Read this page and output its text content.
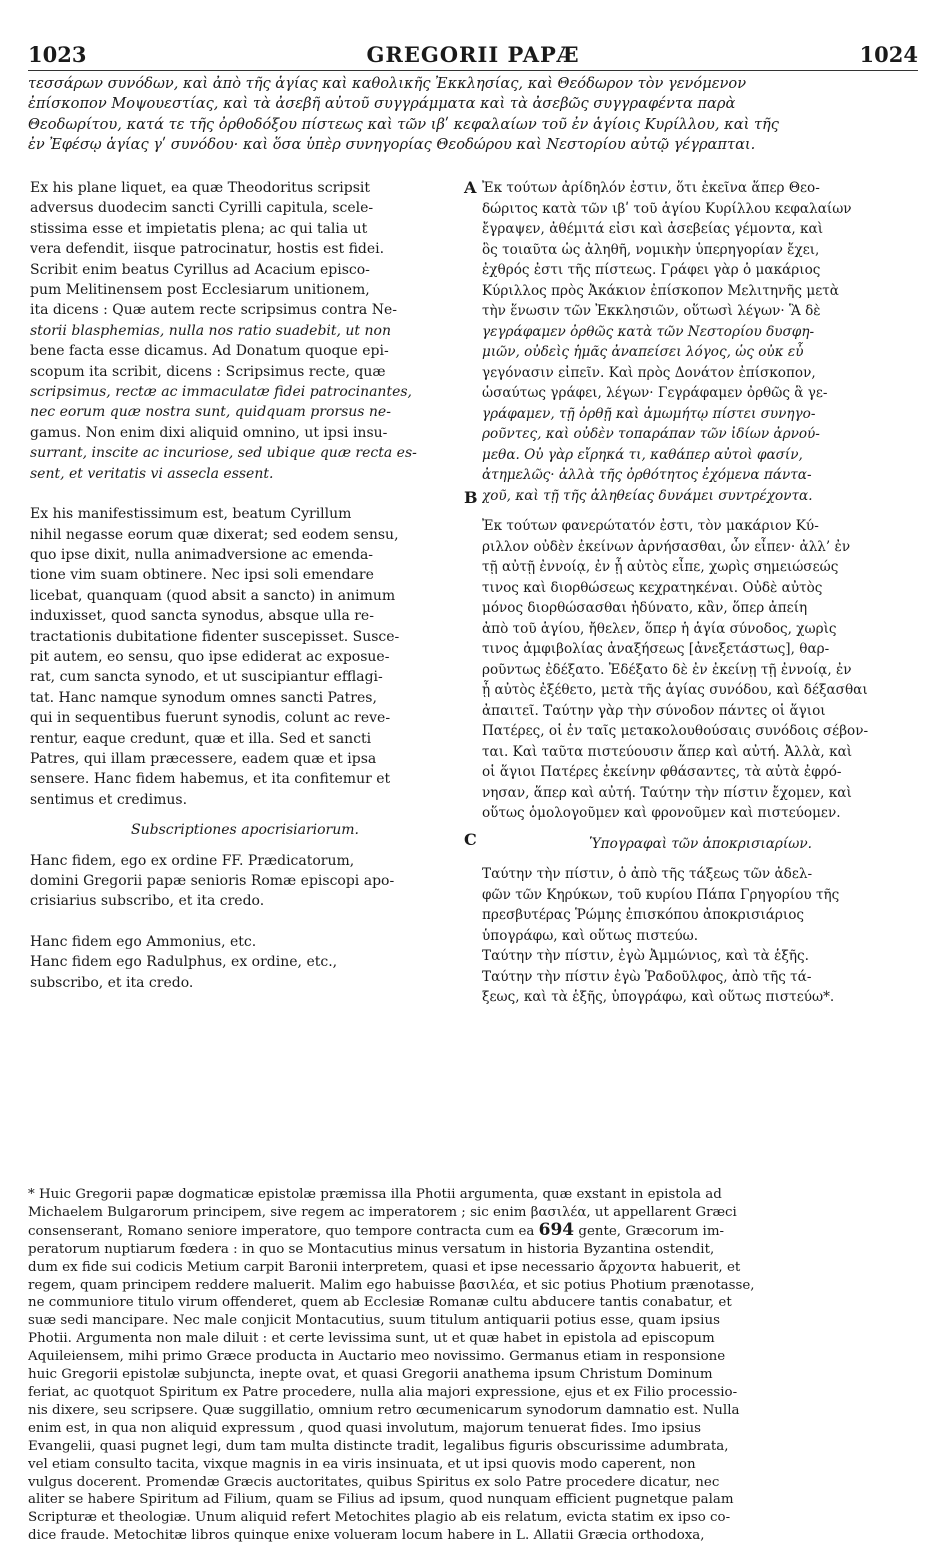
1023	GREGORII PAPÆ	1024
τεσσάρων συνόδων, καὶ ἀπὸ τῆς ἁγίας καὶ καθολικῆς Ἐκκλησίας, καὶ Θεόδωρον τὸν γενόμενον
ἐπίσκοπον Μοψουεστίας, καὶ τὰ ἀσεβῆ αὐτοῦ συγγράμματα καὶ τὰ ἀσεβῶς συγγραφέντα παρὰ
Θεοδωρίτου, κατά τε τῆς ὀρθοδόξου πίστεως καὶ τῶν ιβʹ κεφαλαίων τοῦ ἐν ἁγίοις Κυρίλλου, καὶ τῆς
ἐν Ἐφέσῳ ἁγίας γʹ συνόδου· καὶ ὅσα ὑπὲρ συνηγορίας Θεοδώρου καὶ Νεστορίου αὐτῷ γέγραπται.
Ex his plane liquet, ea quæ Theodoritus scripsit
adversus duodecim sancti Cyrilli capitula, scele-
stissima esse et impietatis plena; ac qui talia ut
vera defendit, iisque patrocinatur, hostis est fidei.
Scribit enim beatus Cyrillus ad Acacium episco-
pum Melitinensem post Ecclesiarum unitionem,
ita dicens : Quæ autem recte scripsimus contra Ne-
storii blasphemias, nulla nos ratio suadebit, ut non
bene facta esse dicamus. Ad Donatum quoque epi-
scopum ita scribit, dicens : Scripsimus recte, quæ
scripsimus, rectæ ac immaculatæ fidei patrocinantes,
nec eorum quæ nostra sunt, quidquam prorsus ne-
gamus. Non enim dixi aliquid omnino, ut ipsi insu-
surrant, inscite ac incuriose, sed ubique quæ recta es-
sent, et veritatis vi assecla essent.
Ex his manifestissimum est, beatum Cyrillum
nihil negasse eorum quæ dixerat; sed eodem sensu,
quo ipse dixit, nulla animadversione ac emenda-
tione vim suam obtinere. Nec ipsi soli emendare
licebat, quanquam (quod absit a sancto) in animum
induxisset, quod sancta synodus, absque ulla re-
tractationis dubitatione fidenter suscepisset. Susce-
pit autem, eo sensu, quo ipse ediderat ac exposue-
rat, cum sancta synodo, et ut suscipiantur efflagi-
tat. Hanc namque synodum omnes sancti Patres,
qui in sequentibus fuerunt synodis, colunt ac reve-
rentur, eaque credunt, quæ et illa. Sed et sancti
Patres, qui illam præcessere, eadem quæ et ipsa
sensere. Hanc fidem habemus, et ita confitemur et
sentimus et credimus.
Subscriptiones apocrisiariorum.
Hanc fidem, ego ex ordine FF. Prædicatorum,
domini Gregorii papæ senioris Romæ episcopi apo-
crisiarius subscribo, et ita credo.
Hanc fidem ego Ammonius, etc.
Hanc fidem ego Radulphus, ex ordine, etc.,
subscribo, et ita credo.
A
B
C
Ἐκ τούτων ἀρίδηλόν ἐστιν, ὅτι ἐκεῖνα ἅπερ Θεο-
δώριτος κατὰ τῶν ιβʹ τοῦ ἁγίου Κυρίλλου κεφαλαίων
ἔγραψεν, ἀθέμιτά εἰσι καὶ ἀσεβείας γέμοντα, καὶ
ὃς τοιαῦτα ὡς ἀληθῆ, νομικὴν ὑπερηγορίαν ἔχει,
ἐχθρός ἐστι τῆς πίστεως. Γράφει γὰρ ὁ μακάριος
Κύριλλος πρὸς Ἀκάκιον ἐπίσκοπον Μελιτηνῆς μετὰ
τὴν ἕνωσιν τῶν Ἐκκλησιῶν, οὕτωσὶ λέγων· Ἃ δὲ
γεγράφαμεν ὀρθῶς κατὰ τῶν Νεστορίου δυσφη-
μιῶν, οὐδεὶς ἡμᾶς ἀναπείσει λόγος, ὡς οὐκ εὖ
γεγόνασιν εἰπεῖν. Καὶ πρὸς Δονάτον ἐπίσκοπον,
ὡσαύτως γράφει, λέγων· Γεγράφαμεν ὀρθῶς ἃ γε-
γράφαμεν, τῇ ὀρθῇ καὶ ἀμωμήτῳ πίστει συνηγο-
ροῦντες, καὶ οὐδὲν τοπαράπαν τῶν ἰδίων ἀρνού-
μεθα. Οὐ γὰρ εἴρηκά τι, καθάπερ αὐτοὶ φασίν,
ἀτημελῶς· ἀλλὰ τῆς ὀρθότητος ἐχόμενα πάντα-
χοῦ, καὶ τῇ τῆς ἀληθείας δυνάμει συντρέχοντα.
Ἐκ τούτων φανερώτατόν ἐστι, τὸν μακάριον Κύ-
ριλλον οὐδὲν ἐκείνων ἀρνήσασθαι, ὧν εἶπεν· ἀλλ’ ἐν
τῇ αὐτῇ ἐννοίᾳ, ἐν ᾗ αὐτὸς εἶπε, χωρὶς σημειώσεώς
τινος καὶ διορθώσεως κεχρατηκέναι. Οὐδὲ αὐτὸς
μόνος διορθώσασθαι ἠδύνατο, κἂν, ὅπερ ἀπείη
ἀπὸ τοῦ ἁγίου, ἤθελεν, ὅπερ ἡ ἁγία σύνοδος, χωρὶς
τινος ἀμφιβολίας ἀναξήσεως [ἀνεξετάστως], θαρ-
ροῦντως ἐδέξατο. Ἐδέξατο δὲ ἐν ἐκείνῃ τῇ ἐννοίᾳ, ἐν
ᾗ αὐτὸς ἐξέθετο, μετὰ τῆς ἁγίας συνόδου, καὶ δέξασθαι
ἀπαιτεῖ. Ταύτην γὰρ τὴν σύνοδον πάντες οἱ ἅγιοι
Πατέρες, οἱ ἐν ταῖς μετακολουθούσαις συνόδοις σέβον-
ται. Καὶ ταῦτα πιστεύουσιν ἅπερ καὶ αὐτή. Ἀλλὰ, καὶ
οἱ ἅγιοι Πατέρες ἐκείνην φθάσαντες, τὰ αὐτὰ ἐφρό-
νησαν, ἅπερ καὶ αὐτή. Ταύτην τὴν πίστιν ἔχομεν, καὶ
οὕτως ὁμολογοῦμεν καὶ φρονοῦμεν καὶ πιστεύομεν.
Ὑπογραφαὶ τῶν ἀποκρισιαρίων.
Ταύτην τὴν πίστιν, ὁ ἀπὸ τῆς τάξεως τῶν ἀδελ-
φῶν τῶν Κηρύκων, τοῦ κυρίου Πάπα Γρηγορίου τῆς
πρεσβυτέρας Ῥώμης ἐπισκόπου ἀποκρισιάριος
ὑπογράφω, καὶ οὕτως πιστεύω.
Ταύτην τὴν πίστιν, ἐγὼ Ἀμμώνιος, καὶ τὰ ἑξῆς.
Ταύτην τὴν πίστιν ἐγὼ Ῥαδοῦλφος, ἀπὸ τῆς τά-
ξεως, καὶ τὰ ἑξῆς, ὑπογράφω, καὶ οὕτως πιστεύω*.
* Huic Gregorii papæ dogmaticæ epistolæ præmissa illa Photii argumenta, quæ exstant in epistola ad
Michaelem Bulgarorum principem, sive regem ac imperatorem ; sic enim βασιλέα, ut appellarent Græci
consenserant, Romano seniore imperatore, quo tempore contracta cum ea 694 gente, Græcorum im-
peratorum nuptiarum fœdera : in quo se Montacutius minus versatum in historia Byzantina ostendit,
dum ex fide sui codicis Metium carpit Baronii interpretem, quasi et ipse necessario ἄρχοντα habuerit, et
regem, quam principem reddere maluerit. Malim ego habuisse βασιλέα, et sic potius Photium prænotasse,
ne communiore titulo virum offenderet, quem ab Ecclesiæ Romanæ cultu abducere tantis conabatur, et
suæ sedi mancipare. Nec male conjicit Montacutius, suum titulum antiquarii potius esse, quam ipsius
Photii. Argumenta non male diluit : et certe levissima sunt, ut et quæ habet in epistola ad episcopum
Aquileiensem, mihi primo Græce producta in Auctario meo novissimo. Germanus etiam in responsione
huic Gregorii epistolæ subjuncta, inepte ovat, et quasi Gregorii anathema ipsum Christum Dominum
feriat, ac quotquot Spiritum ex Patre procedere, nulla alia majori expressione, ejus et ex Filio processio-
nis dixere, seu scripsere. Quæ suggillatio, omnium retro œcumenicarum synodorum damnatio est. Nulla
enim est, in qua non aliquid expressum , quod quasi involutum, majorum tenuerat fides. Imo ipsius
Evangelii, quasi pugnet legi, dum tam multa distincte tradit, legalibus figuris obscurissime adumbrata,
vel etiam consulto tacita, vixque magnis in ea viris insinuata, et ut ipsi quovis modo caperent, non
vulgus docerent. Promendæ Græcis auctoritates, quibus Spiritus ex solo Patre procedere dicatur, nec
aliter se habere Spiritum ad Filium, quam se Filius ad ipsum, quod nunquam efficient pugnetque palam
Scripturæ et theologiæ. Unum aliquid refert Metochites plagio ab eis relatum, evicta statim ex ipso co-
dice fraude. Metochitæ libros quinque enixe volueram locum habere in L. Allatii Græcia orthodoxa,
